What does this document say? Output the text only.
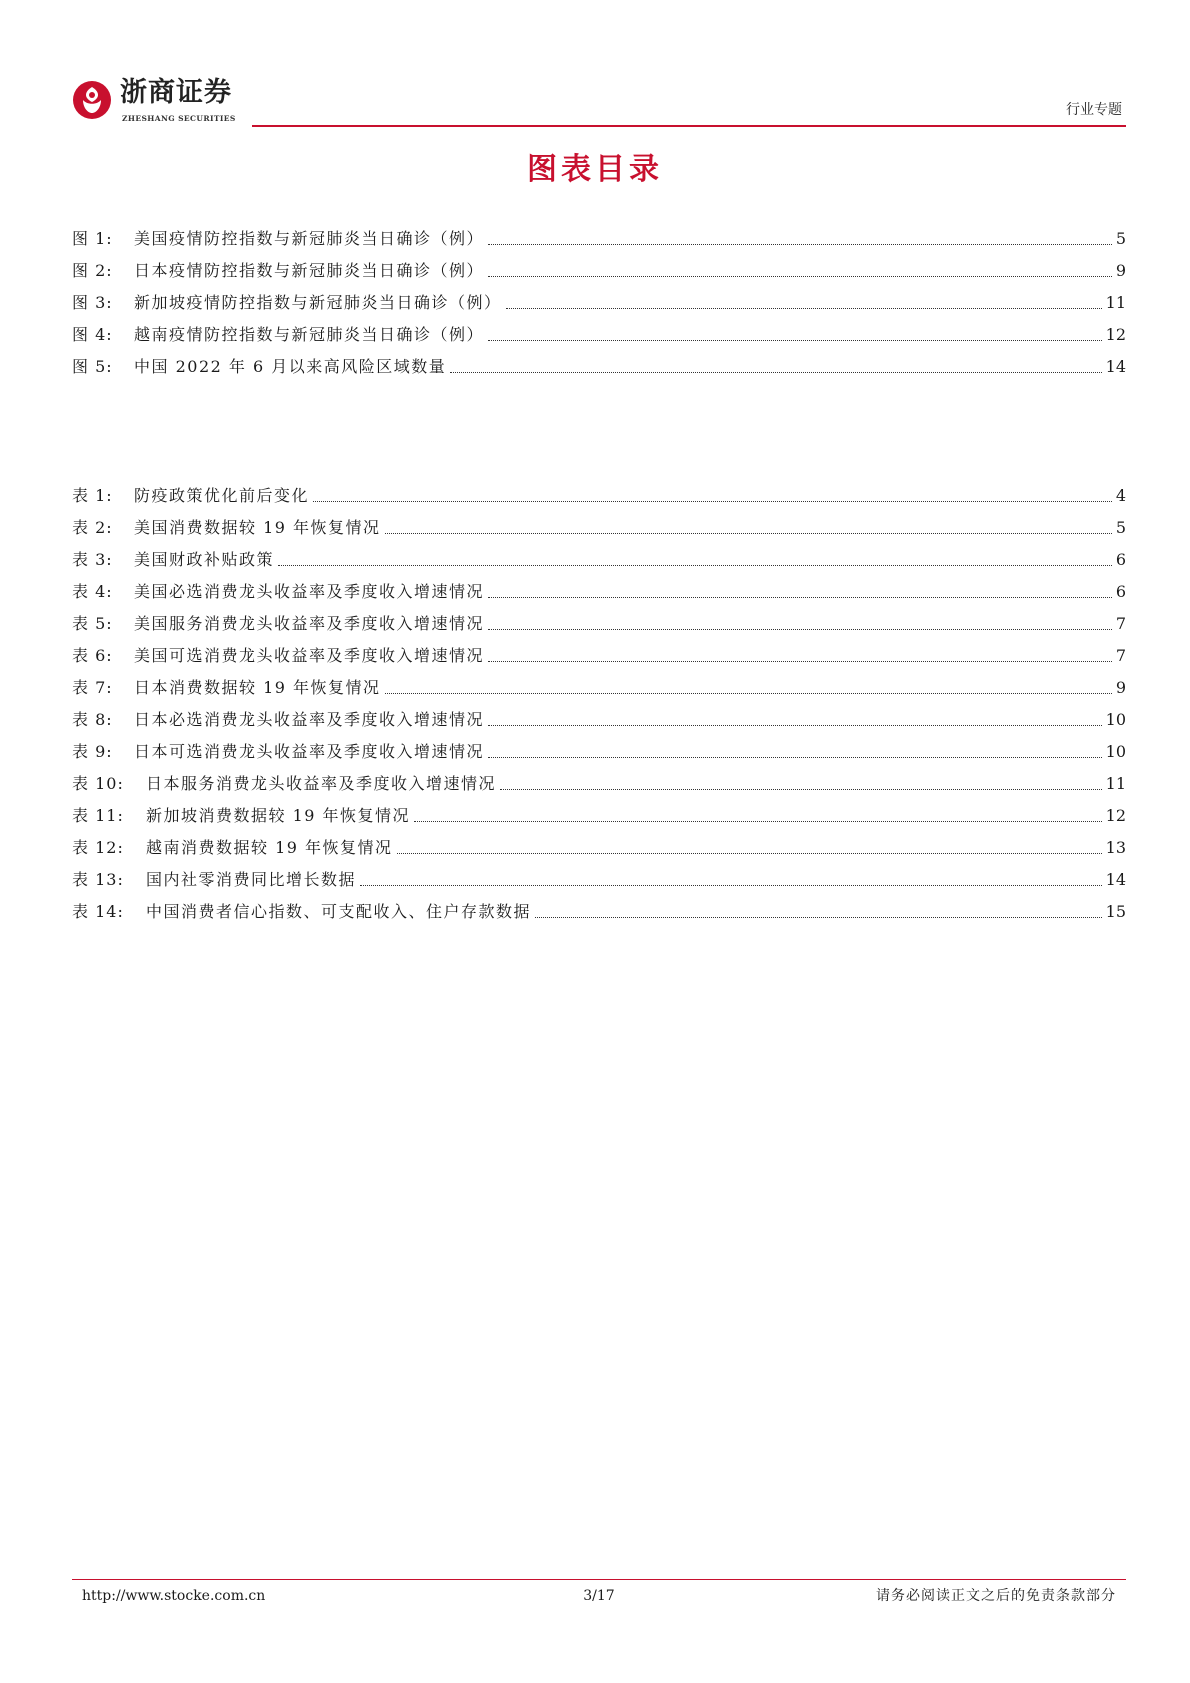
浙商证券
ZHESHANG SECURITIES
行业专题
图表目录
图 1:	美国疫情防控指数与新冠肺炎当日确诊（例）	5
图 2:	日本疫情防控指数与新冠肺炎当日确诊（例）	9
图 3:	新加坡疫情防控指数与新冠肺炎当日确诊（例）	11
图 4:	越南疫情防控指数与新冠肺炎当日确诊（例）	12
图 5:	中国 2022 年 6 月以来高风险区域数量	14
表 1:	防疫政策优化前后变化	4
表 2:	美国消费数据较 19 年恢复情况	5
表 3:	美国财政补贴政策	6
表 4:	美国必选消费龙头收益率及季度收入增速情况	6
表 5:	美国服务消费龙头收益率及季度收入增速情况	7
表 6:	美国可选消费龙头收益率及季度收入增速情况	7
表 7:	日本消费数据较 19 年恢复情况	9
表 8:	日本必选消费龙头收益率及季度收入增速情况	10
表 9:	日本可选消费龙头收益率及季度收入增速情况	10
表 10:	日本服务消费龙头收益率及季度收入增速情况	11
表 11:	新加坡消费数据较 19 年恢复情况	12
表 12:	越南消费数据较 19 年恢复情况	13
表 13:	国内社零消费同比增长数据	14
表 14:	中国消费者信心指数、可支配收入、住户存款数据	15
http://www.stocke.com.cn	3/17	请务必阅读正文之后的免责条款部分
